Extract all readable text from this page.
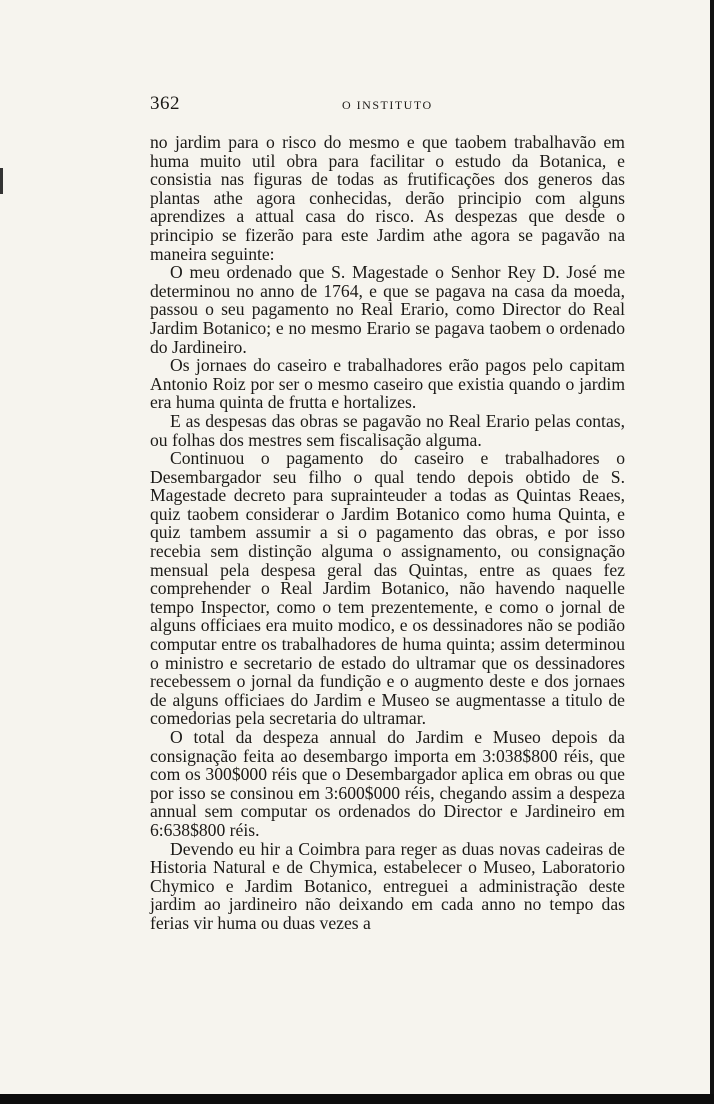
362	O INSTITUTO

no jardim para o risco do mesmo e que taobem trabalhavão em huma muito util obra para facilitar o estudo da Botanica, e consistia nas figuras de todas as frutificações dos generos das plantas athe agora conhecidas, derão principio com alguns aprendizes a attual casa do risco. As despezas que desde o principio se fizerão para este Jardim athe agora se pagavão na maneira seguinte:

O meu ordenado que S. Magestade o Senhor Rey D. José me determinou no anno de 1764, e que se pagava na casa da moeda, passou o seu pagamento no Real Erario, como Director do Real Jardim Botanico; e no mesmo Erario se pagava taobem o ordenado do Jardineiro.

Os jornaes do caseiro e trabalhadores erão pagos pelo capitam Antonio Roiz por ser o mesmo caseiro que existia quando o jardim era huma quinta de frutta e hortalizes.

E as despesas das obras se pagavão no Real Erario pelas contas, ou folhas dos mestres sem fiscalisação alguma.

Continuou o pagamento do caseiro e trabalhadores o Desembargador seu filho o qual tendo depois obtido de S. Magestade decreto para suprainteuder a todas as Quintas Reaes, quiz taobem considerar o Jardim Botanico como huma Quinta, e quiz tambem assumir a si o pagamento das obras, e por isso recebia sem distinção alguma o assignamento, ou consignação mensual pela despesa geral das Quintas, entre as quaes fez comprehender o Real Jardim Botanico, não havendo naquelle tempo Inspector, como o tem prezentemente, e como o jornal de alguns officiaes era muito modico, e os dessinadores não se podião computar entre os trabalhadores de huma quinta; assim determinou o ministro e secretario de estado do ultramar que os dessinadores recebessem o jornal da fundição e o augmento deste e dos jornaes de alguns officiaes do Jardim e Museo se augmentasse a titulo de comedorias pela secretaria do ultramar.

O total da despeza annual do Jardim e Museo depois da consignação feita ao desembargo importa em 3:038$800 réis, que com os 300$000 réis que o Desembargador aplica em obras ou que por isso se consinou em 3:600$000 réis, chegando assim a despeza annual sem computar os ordenados do Director e Jardineiro em 6:638$800 réis.

Devendo eu hir a Coimbra para reger as duas novas cadeiras de Historia Natural e de Chymica, estabelecer o Museo, Laboratorio Chymico e Jardim Botanico, entreguei a administração deste jardim ao jardineiro não deixando em cada anno no tempo das ferias vir huma ou duas vezes a
